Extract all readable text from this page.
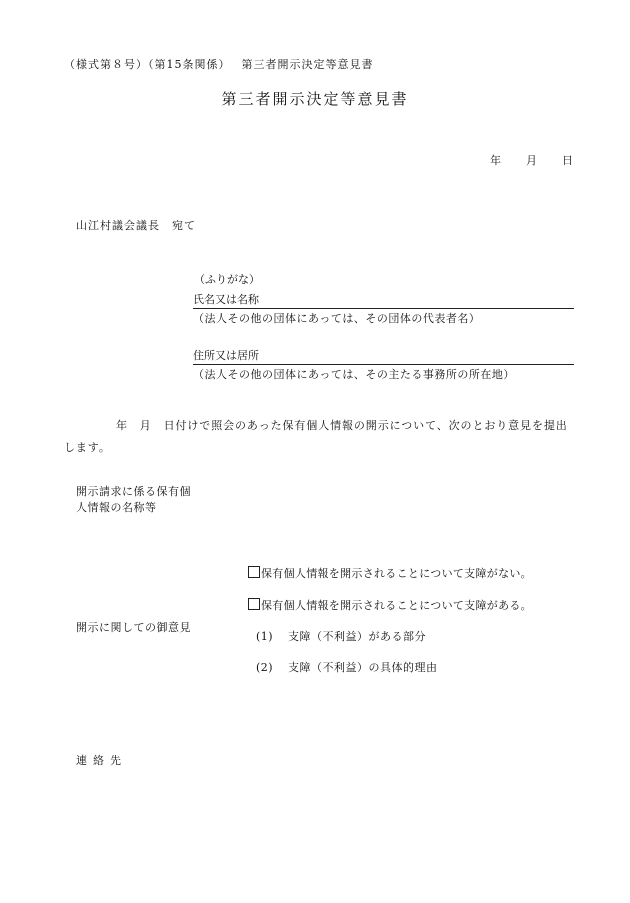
（様式第８号）（第15条関係）　 第三者開示決定等意見書
第三者開示決定等意見書
年 月 日
山江村議会議長　宛て
（ふりがな）
氏名又は名称
（法人その他の団体にあっては、その団体の代表者名）
住所又は居所
（法人その他の団体にあっては、その主たる事務所の所在地）
年　月　日付けで照会のあった保有個人情報の開示について、次のとおり意見を提出します。
開示請求に係る保有個
人情報の名称等
開示に関しての御意見
保有個人情報を開示されることについて支障がない。
保有個人情報を開示されることについて支障がある。
(1) 支障（不利益）がある部分
(2) 支障（不利益）の具体的理由
連絡先
